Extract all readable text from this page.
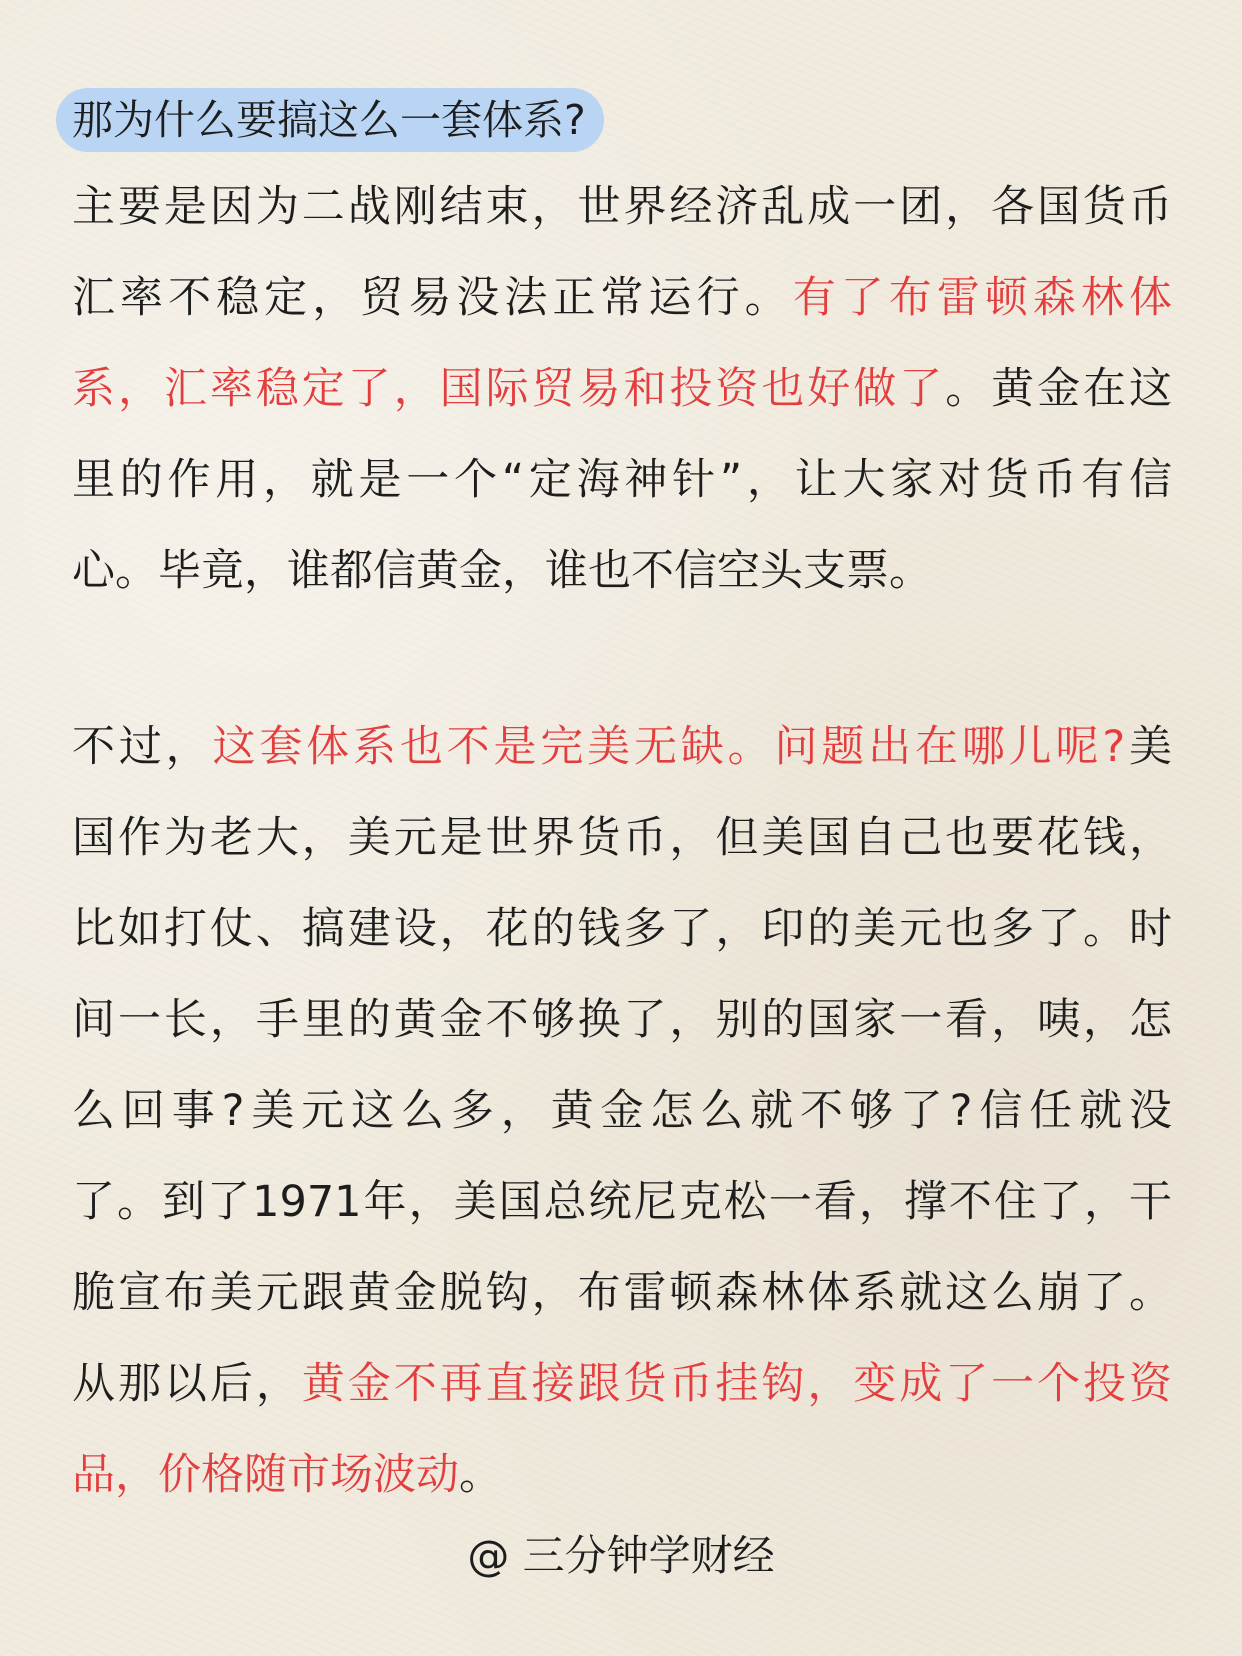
那为什么要搞这么一套体系?
主要是因为二战刚结束，世界经济乱成一团，各国货币
汇率不稳定，贸易没法正常运行。有了布雷顿森林体
系，汇率稳定了，国际贸易和投资也好做了。黄金在这
里的作用，就是一个“定海神针”，让大家对货币有信
心。毕竟，谁都信黄金，谁也不信空头支票。
不过，这套体系也不是完美无缺。问题出在哪儿呢?美
国作为老大，美元是世界货币，但美国自己也要花钱，
比如打仗、搞建设，花的钱多了，印的美元也多了。时
间一长，手里的黄金不够换了，别的国家一看，咦，怎
么回事?美元这么多，黄金怎么就不够了?信任就没
了。到了1971年，美国总统尼克松一看，撑不住了，干
脆宣布美元跟黄金脱钩，布雷顿森林体系就这么崩了。
从那以后，黄金不再直接跟货币挂钩，变成了一个投资
品，价格随市场波动。
@ 三分钟学财经
